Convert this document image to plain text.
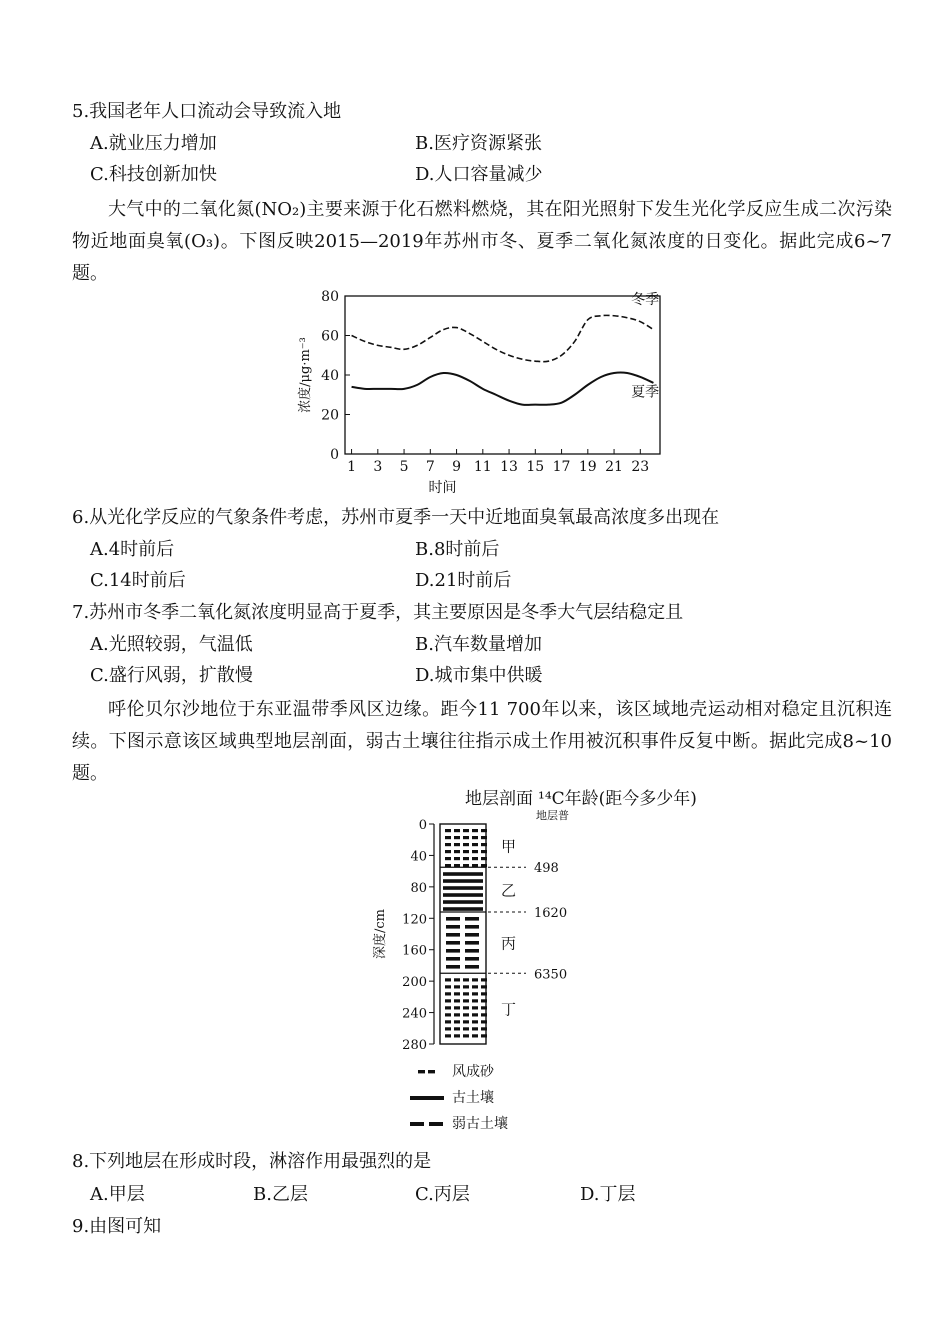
5.我国老年人口流动会导致流入地
A.就业压力增加	B.医疗资源紧张
C.科技创新加快	D.人口容量减少
大气中的二氧化氮(NO₂)主要来源于化石燃料燃烧，其在阳光照射下发生光化学反应生成二次污染物近地面臭氧(O₃)。下图反映2015—2019年苏州市冬、夏季二氧化氮浓度的日变化。据此完成6~7题。
0
20
40
60
80
1 3 5 7 9 11 13 15 17 19 21 23
时间
浓度/μg·m⁻³
冬季
夏季
6.从光化学反应的气象条件考虑，苏州市夏季一天中近地面臭氧最高浓度多出现在
A.4时前后	B.8时前后
C.14时前后	D.21时前后
7.苏州市冬季二氧化氮浓度明显高于夏季，其主要原因是冬季大气层结稳定且
A.光照较弱，气温低	B.汽车数量增加
C.盛行风弱，扩散慢	D.城市集中供暖
呼伦贝尔沙地位于东亚温带季风区边缘。距今11 700年以来，该区域地壳运动相对稳定且沉积连续。下图示意该区域典型地层剖面，弱古土壤往往指示成土作用被沉积事件反复中断。据此完成8~10题。
地层剖面 ¹⁴C年龄(距今多少年)
地层普
0
40
80
120
160
200
240
280
深度/cm
甲
乙
丙
丁
498
1620
6350
风成砂
古土壤
弱古土壤
8.下列地层在形成时段，淋溶作用最强烈的是
A.甲层	B.乙层	C.丙层	D.丁层
9.由图可知
